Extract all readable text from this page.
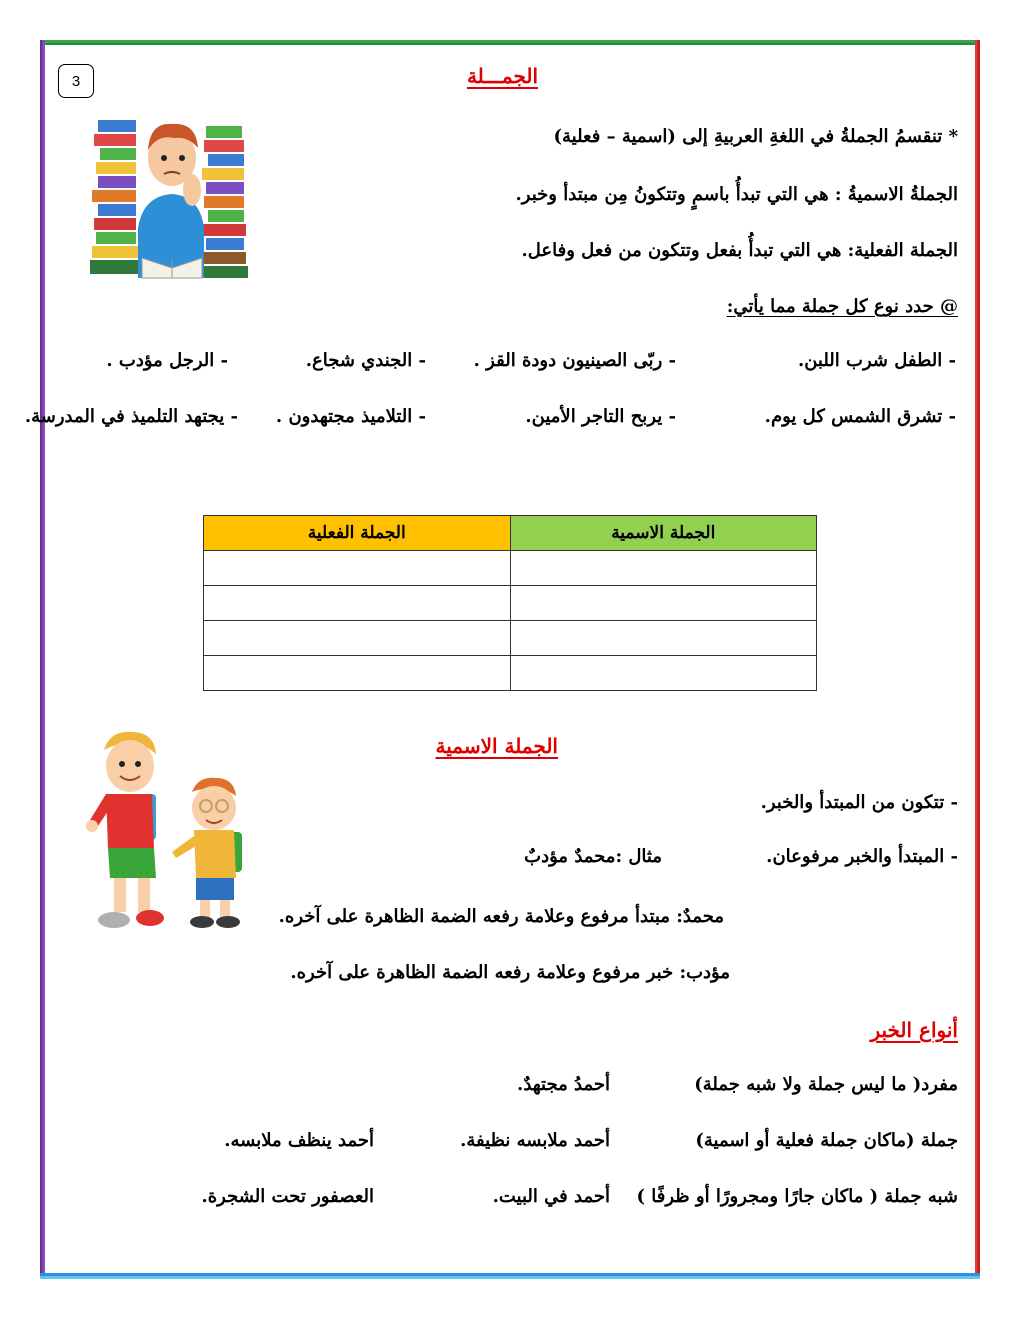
3	الجمـــلة
* تنقسمُ الجملةُ في اللغةِ العربيةِ إلى (اسمية – فعلية)
الجملةُ الاسميةُ : هي التي تبدأُ باسمٍ وتتكونُ مِن مبتدأ وخبر.
الجملة الفعلية: هي التي تبدأُ بفعل وتتكون من فعل وفاعل.
@ حدد نوع كل جملة مما يأتي:
- الطفل شرب اللبن.
- ربّى الصينيون دودة القز .
- الجندي شجاع.
- الرجل مؤدب .
- تشرق الشمس كل يوم.
- يربح التاجر الأمين.
- التلاميذ مجتهدون .
- يجتهد التلميذ في المدرسة.
الجملة الاسمية	الجملة الفعلية

الجملة الاسمية
- تتكون من المبتدأ والخبر.
- المبتدأ والخبر مرفوعان.
مثال :محمدٌ مؤدبٌ
محمدٌ: مبتدأ مرفوع وعلامة رفعه الضمة الظاهرة على آخره.
مؤدب: خبر مرفوع وعلامة رفعه الضمة الظاهرة على آخره.
أنواع الخبر
مفرد( ما ليس جملة ولا شبه جملة)
أحمدُ مجتهدٌ.
جملة (ماكان جملة فعلية أو اسمية)
أحمد ملابسه نظيفة.
أحمد ينظف ملابسه.
شبه جملة ( ماكان جارًا ومجرورًا أو ظرفًا )
أحمد في البيت.
العصفور تحت الشجرة.
